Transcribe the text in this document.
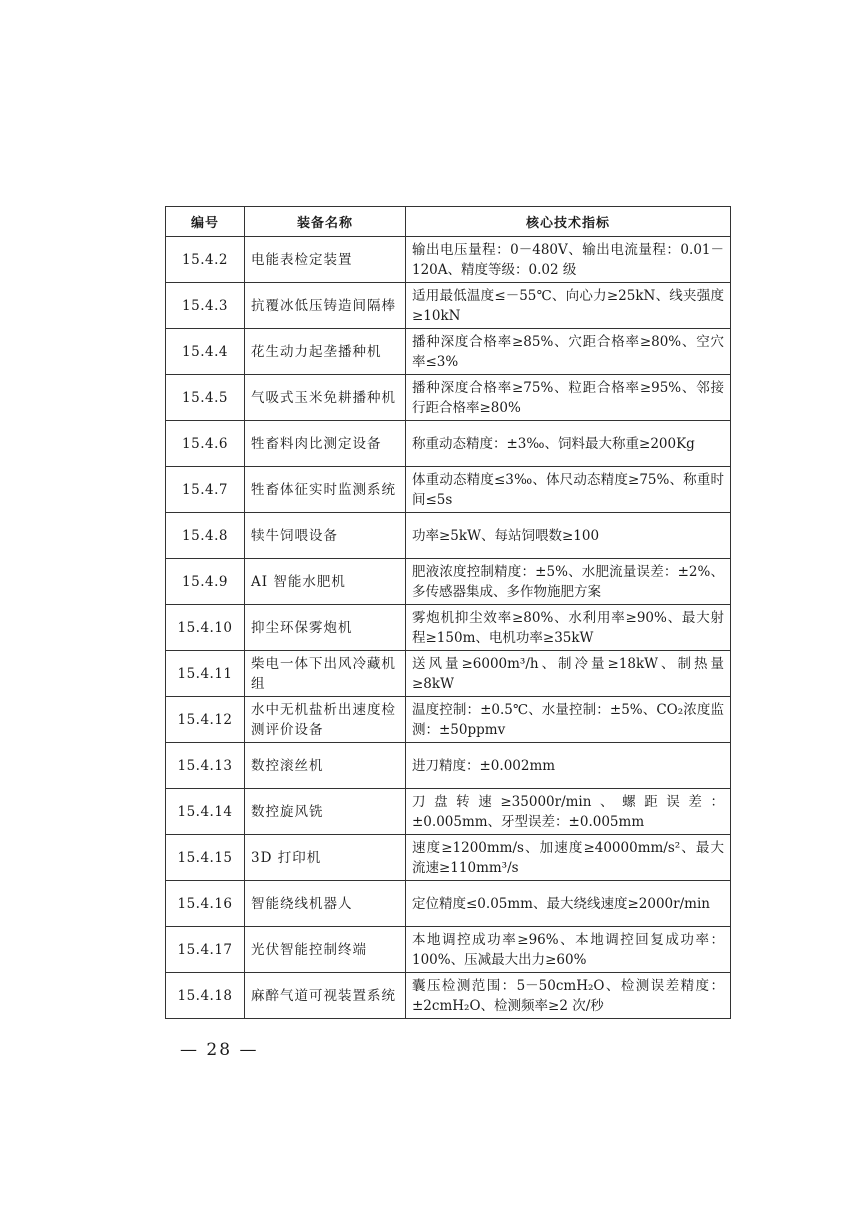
编号	装备名称	核心技术指标
15.4.2	电能表检定装置	输出电压量程：0－480V、输出电流量程：0.01－120A、精度等级：0.02 级
15.4.3	抗覆冰低压铸造间隔棒	适用最低温度≤－55℃、向心力≥25kN、线夹强度≥10kN
15.4.4	花生动力起垄播种机	播种深度合格率≥85%、穴距合格率≥80%、空穴率≤3%
15.4.5	气吸式玉米免耕播种机	播种深度合格率≥75%、粒距合格率≥95%、邻接行距合格率≥80%
15.4.6	牲畜料肉比测定设备	称重动态精度：±3‰、饲料最大称重≥200Kg
15.4.7	牲畜体征实时监测系统	体重动态精度≤3‰、体尺动态精度≥75%、称重时间≤5s
15.4.8	犊牛饲喂设备	功率≥5kW、每站饲喂数≥100
15.4.9	AI 智能水肥机	肥液浓度控制精度：±5%、水肥流量误差：±2%、多传感器集成、多作物施肥方案
15.4.10	抑尘环保雾炮机	雾炮机抑尘效率≥80%、水利用率≥90%、最大射程≥150m、电机功率≥35kW
15.4.11	柴电一体下出风冷藏机组	送风量≥6000m³/h、制冷量≥18kW、制热量≥8kW
15.4.12	水中无机盐析出速度检测评价设备	温度控制：±0.5℃、水量控制：±5%、CO₂浓度监测：±50ppmv
15.4.13	数控滚丝机	进刀精度：±0.002mm
15.4.14	数控旋风铣	刀盘转速≥35000r/min、螺距误差：±0.005mm、牙型误差：±0.005mm
15.4.15	3D 打印机	速度≥1200mm/s、加速度≥40000mm/s²、最大流速≥110mm³/s
15.4.16	智能绕线机器人	定位精度≤0.05mm、最大绕线速度≥2000r/min
15.4.17	光伏智能控制终端	本地调控成功率≥96%、本地调控回复成功率：100%、压减最大出力≥60%
15.4.18	麻醉气道可视装置系统	囊压检测范围：5－50cmH₂O、检测误差精度：±2cmH₂O、检测频率≥2 次/秒
— 28 —
